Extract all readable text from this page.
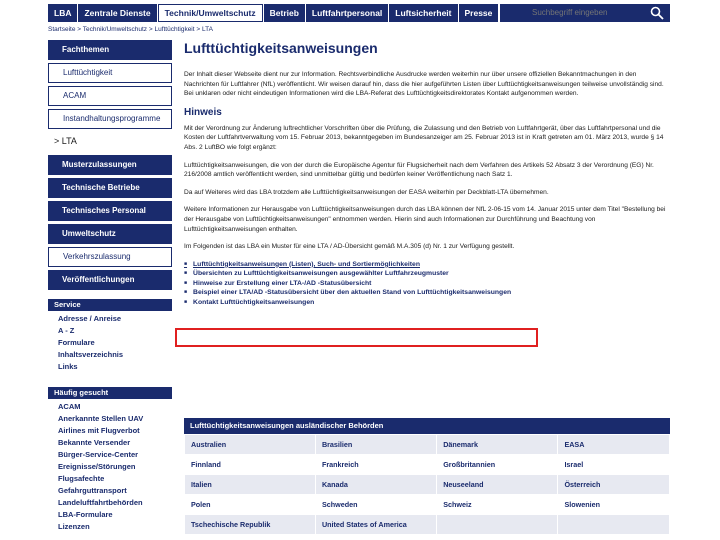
LBA	Zentrale Dienste	Technik/Umweltschutz	Betrieb	Luftfahrtpersonal	Luftsicherheit	Presse
Suchbegriff eingeben
Startseite > Technik/Umweltschutz > Lufttüchtigkeit > LTA
Fachthemen
Lufttüchtigkeit
ACAM
Instandhaltungsprogramme
> LTA
Musterzulassungen
Technische Betriebe
Technisches Personal
Umweltschutz
Verkehrszulassung
Veröffentlichungen
Service
Adresse / Anreise
A - Z
Formulare
Inhaltsverzeichnis
Links
Häufig gesucht
ACAM
Anerkannte Stellen UAV
Airlines mit Flugverbot
Bekannte Versender
Bürger-Service-Center
Ereignisse/Störungen
Flugsafechte
Gefahrguttransport
Landeluftfahrtbehörden
LBA-Formulare
Lizenzen
Lufttüchtigkeitsanweisungen
Der Inhalt dieser Webseite dient nur zur Information. Rechtsverbindliche Ausdrucke werden weiterhin nur über unsere offiziellen Bekanntmachungen in den Nachrichten für Luftfahrer (NfL) veröffentlicht. Wir weisen darauf hin, dass die hier aufgeführten Listen über Lufttüchtigkeitsanweisungen teilweise unvollständig sind. Bei unklaren oder nicht eindeutigen Informationen wird die LBA-Referat des Lufttüchtigkeitsdirektorates Kontakt aufgenommen werden.
Hinweis
Mit der Verordnung zur Änderung luftrechtlicher Vorschriften über die Prüfung, die Zulassung und den Betrieb von Luftfahrtgerät, über das Luftfahrtpersonal und die Kosten der Luftfahrtverwaltung vom 15. Februar 2013, bekanntgegeben im Bundesanzeiger am 25. Februar 2013 ist in Kraft getreten am 01. März 2013, wurde § 14 Abs. 2 LuftBO wie folgt ergänzt:
Lufttüchtigkeitsanweisungen, die von der durch die Europäische Agentur für Flugsicherheit nach dem Verfahren des Artikels 52 Absatz 3 der Verordnung (EG) Nr. 216/2008 amtlich veröffentlicht werden, sind unmittelbar gültig und bedürfen keiner Veröffentlichung nach Satz 1.
Da auf Weiteres wird das LBA trotzdem alle Lufttüchtigkeitsanweisungen der EASA weiterhin per Deckblatt-LTA übernehmen.
Weitere Informationen zur Herausgabe von Lufttüchtigkeitsanweisungen durch das LBA können der NfL 2-06-15 vom 14. Januar 2015 unter dem Titel "Bestellung bei der Herausgabe von Lufttüchtigkeitsanweisungen" entnommen werden. Hierin sind auch Informationen zur Durchführung und Beachtung von Lufttüchtigkeitsanweisungen enthalten.
Im Folgenden ist das LBA ein Muster für eine LTA / AD-Übersicht gemäß M.A.305 (d) Nr. 1 zur Verfügung gestellt.
■ Lufttüchtigkeitsanweisungen (Listen), Such- und Sortiermöglichkeiten
■ Übersichten zu Lufttüchtigkeitsanweisungen ausgewählter Luftfahrzeugmuster
■ Hinweise zur Erstellung einer LTA-/AD -Statusübersicht
■ Beispiel einer LTA/AD -Statusübersicht über den aktuellen Stand von Lufttüchtigkeitsanweisungen
■ Kontakt Lufttüchtigkeitsanweisungen
Lufttüchtigkeitsanweisungen ausländischer Behörden
Australien	Brasilien	Dänemark	EASA
Finnland	Frankreich	Großbritannien	Israel
Italien	Kanada	Neuseeland	Österreich
Polen	Schweden	Schweiz	Slowenien
Tschechische Republik	United States of America		
